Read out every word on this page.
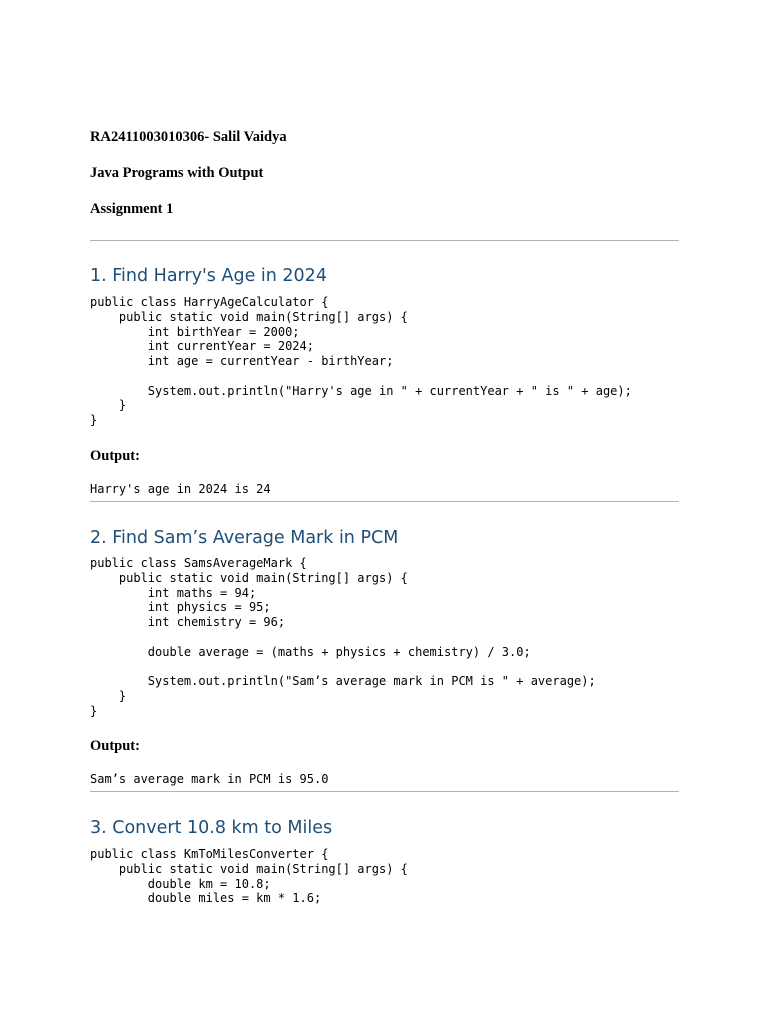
RA2411003010306- Salil Vaidya
Java Programs with Output
Assignment 1
1. Find Harry's Age in 2024
public class HarryAgeCalculator {
public static void main(String[] args) {
int birthYear = 2000;
int currentYear = 2024;
int age = currentYear - birthYear;

System.out.println("Harry's age in " + currentYear + " is " + age);
}
}
Output:
Harry's age in 2024 is 24
2. Find Sam’s Average Mark in PCM
public class SamsAverageMark {
public static void main(String[] args) {
int maths = 94;
int physics = 95;
int chemistry = 96;

double average = (maths + physics + chemistry) / 3.0;

System.out.println("Sam’s average mark in PCM is " + average);
}
}
Output:
Sam’s average mark in PCM is 95.0
3. Convert 10.8 km to Miles
public class KmToMilesConverter {
public static void main(String[] args) {
double km = 10.8;
double miles = km * 1.6;
